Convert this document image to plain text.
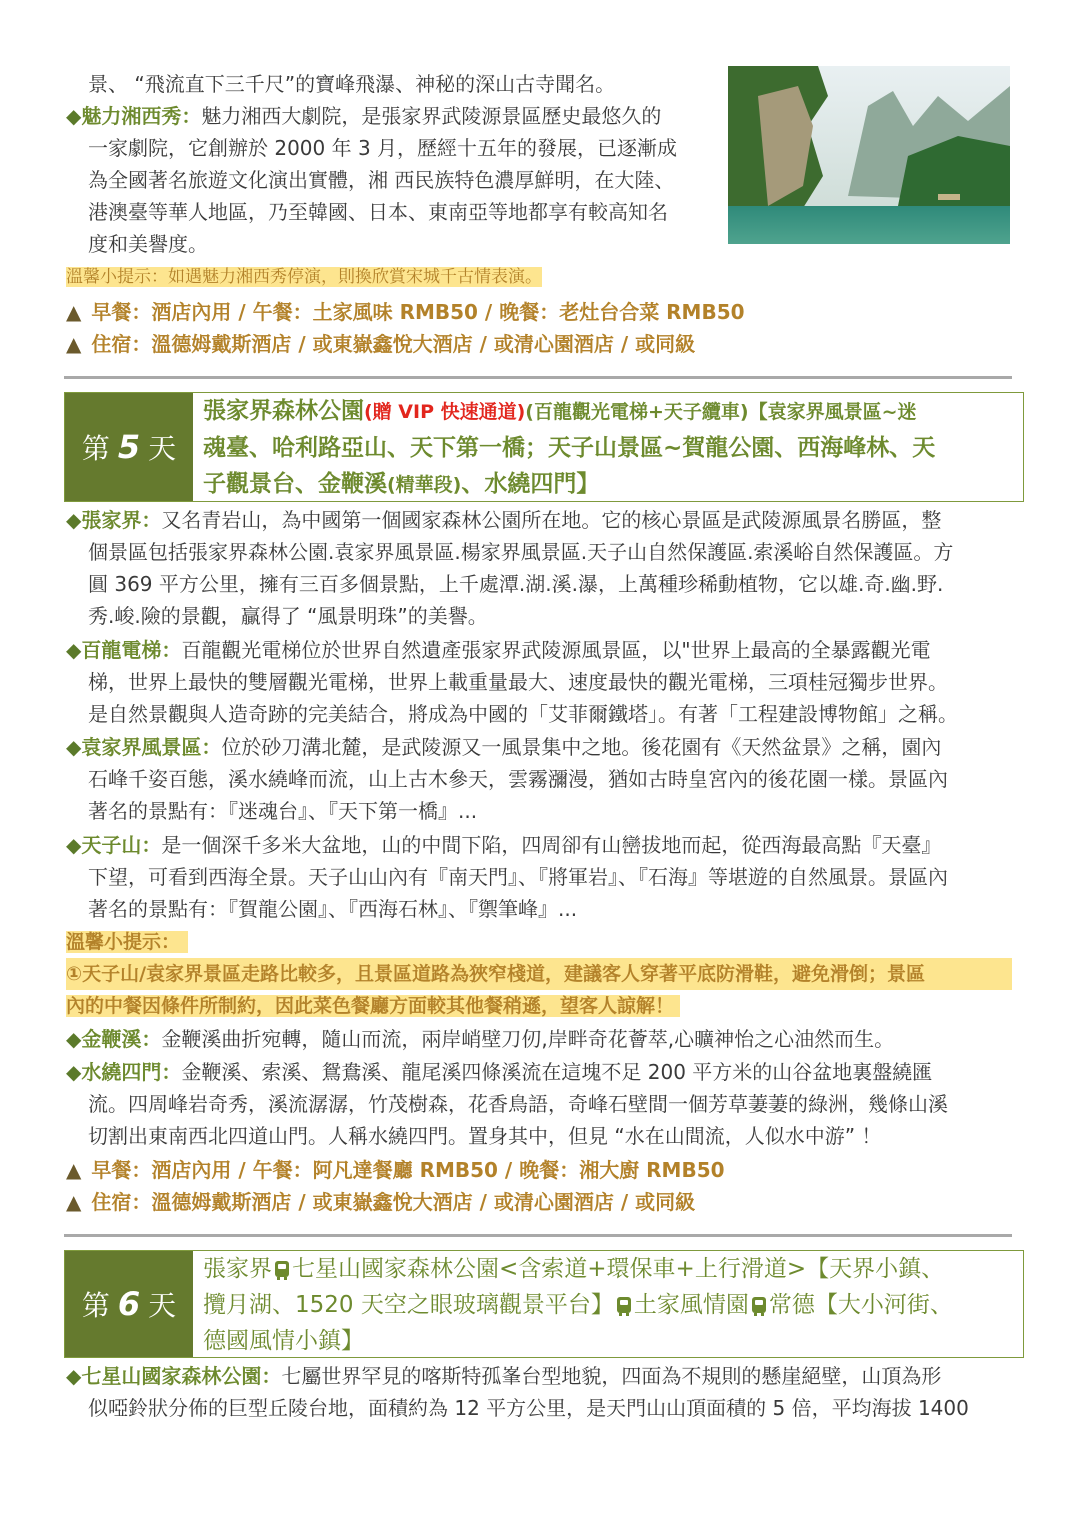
景、 “飛流直下三千尺”的寶峰飛瀑、神秘的深山古寺聞名。
◆魅力湘西秀：魅力湘西大劇院，是張家界武陵源景區歷史最悠久的
一家劇院，它創辦於 2000 年 3 月，歷經十五年的發展，已逐漸成
為全國著名旅遊文化演出實體，湘 西民族特色濃厚鮮明，在大陸、
港澳臺等華人地區，乃至韓國、日本、東南亞等地都享有較高知名
度和美譽度。
溫馨小提示：如遇魅力湘西秀停演，則換欣賞宋城千古情表演。
▲ 早餐：酒店內用 / 午餐：土家風味 RMB50 / 晚餐：老灶台合菜 RMB50
▲ 住宿：溫德姆戴斯酒店 / 或東嶽鑫悅大酒店 / 或清心園酒店 / 或同級
第 5 天
張家界森林公園(贈 VIP 快速通道)(百龍觀光電梯+天子纜車)【袁家界風景區~迷
魂臺、哈利路亞山、天下第一橋；天子山景區~賀龍公園、西海峰林、天
子觀景台、金鞭溪(精華段)、水繞四門】
◆張家界：又名青岩山，為中國第一個國家森林公園所在地。它的核心景區是武陵源風景名勝區，整
個景區包括張家界森林公園.袁家界風景區.楊家界風景區.天子山自然保護區.索溪峪自然保護區。方
圓 369 平方公里，擁有三百多個景點，上千處潭.湖.溪.瀑，上萬種珍稀動植物，它以雄.奇.幽.野.
秀.峻.險的景觀，贏得了 “風景明珠”的美譽。
◆百龍電梯：百龍觀光電梯位於世界自然遺產張家界武陵源風景區，以"世界上最高的全暴露觀光電
梯，世界上最快的雙層觀光電梯，世界上載重量最大、速度最快的觀光電梯，三項桂冠獨步世界。
是自然景觀與人造奇跡的完美結合，將成為中國的「艾菲爾鐵塔」。有著「工程建設博物館」之稱。
◆袁家界風景區：位於砂刀溝北麓，是武陵源又一風景集中之地。後花園有《天然盆景》之稱，園內
石峰千姿百態，溪水繞峰而流，山上古木參天，雲霧瀰漫，猶如古時皇宮內的後花園一樣。景區內
著名的景點有：『迷魂台』、『天下第一橋』...
◆天子山：是一個深千多米大盆地，山的中間下陷，四周卻有山巒拔地而起，從西海最高點『天臺』
下望，可看到西海全景。天子山山內有『南天門』、『將軍岩』、『石海』等堪遊的自然風景。景區內
著名的景點有：『賀龍公園』、『西海石林』、『禦筆峰』...
溫馨小提示：
①天子山/袁家界景區走路比較多，且景區道路為狹窄棧道，建議客人穿著平底防滑鞋，避免滑倒；景區
內的中餐因條件所制約，因此菜色餐廳方面較其他餐稍遜，望客人諒解！
◆金鞭溪：金鞭溪曲折宛轉，隨山而流，兩岸峭壁刀仞,岸畔奇花薈萃,心曠神怡之心油然而生。
◆水繞四門：金鞭溪、索溪、鴛鴦溪、龍尾溪四條溪流在這塊不足 200 平方米的山谷盆地裏盤繞匯
流。四周峰岩奇秀，溪流潺潺，竹茂樹森，花香鳥語，奇峰石壁間一個芳草萋萋的綠洲，幾條山溪
切割出東南西北四道山門。人稱水繞四門。置身其中，但見 “水在山間流，人似水中游” ！
▲ 早餐：酒店內用 / 午餐：阿凡達餐廳 RMB50 / 晚餐：湘大廚 RMB50
▲ 住宿：溫德姆戴斯酒店 / 或東嶽鑫悅大酒店 / 或清心園酒店 / 或同級
第 6 天
張家界 七星山國家森林公園<含索道+環保車+上行滑道>【天界小鎮、
攬月湖、1520 天空之眼玻璃觀景平台】 土家風情園 常德【大小河街、
德國風情小鎮】
◆七星山國家森林公園：七屬世界罕見的喀斯特孤峯台型地貌，四面為不規則的懸崖絕壁，山頂為形
似啞鈴狀分佈的巨型丘陵台地，面積約為 12 平方公里，是天門山山頂面積的 5 倍，平均海拔 1400
